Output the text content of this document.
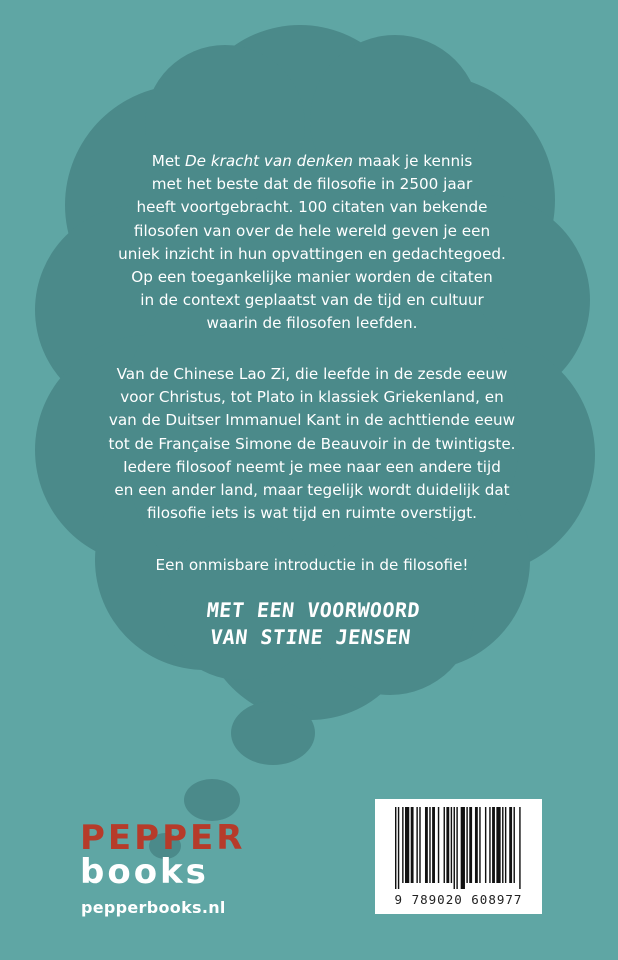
Met De kracht van denken maak je kennis
met het beste dat de filosofie in 2500 jaar
heeft voortgebracht. 100 citaten van bekende
filosofen van over de hele wereld geven je een
uniek inzicht in hun opvattingen en gedachtegoed.
Op een toegankelijke manier worden de citaten
in de context geplaatst van de tijd en cultuur
waarin de filosofen leefden.
Van de Chinese Lao Zi, die leefde in de zesde eeuw
voor Christus, tot Plato in klassiek Griekenland, en
van de Duitser Immanuel Kant in de achttiende eeuw
tot de Française Simone de Beauvoir in de twintigste.
Iedere filosoof neemt je mee naar een andere tijd
en een ander land, maar tegelijk wordt duidelijk dat
filosofie iets is wat tijd en ruimte overstijgt.
Een onmisbare introductie in de filosofie!
MET EEN VOORWOORD
VAN STINE JENSEN
PEPPER
books
pepperbooks.nl	9 789020 608977
